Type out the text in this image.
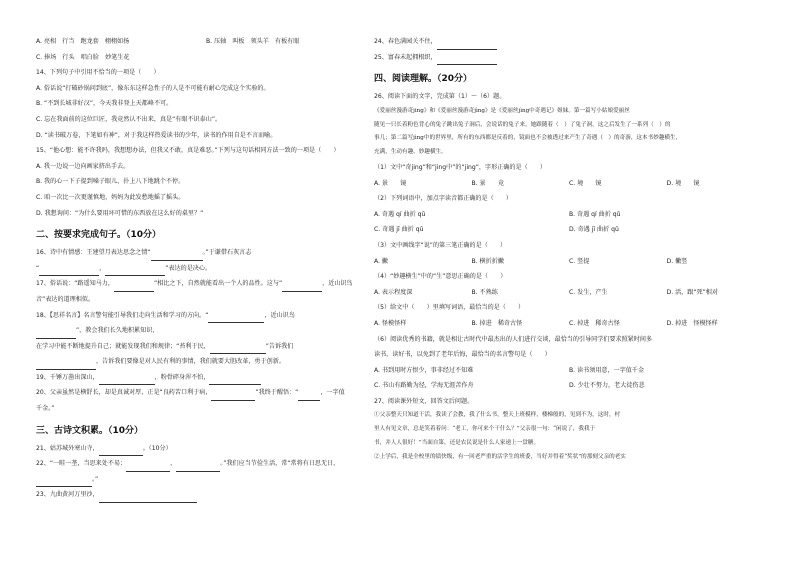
A. 亮相　行当　跑龙套　栩栩如扬	B. 压轴　叫板　领头羊　有板有眼
C. 捧场　行头　唱白脸　妙笔生花
14、下列句子中引用不恰当的一项是（　　）
A. 俗话说“打破砂锅问到底”，像东东这样急性子的人是不可能有耐心完成这个实验的。
B. “不到长城非好汉”，今天我非登上天都峰不可。
C. 忘在我面前的这位巨匠，我竟然认不出来，真是“有眼不识泰山”。
D. “读书破万卷，下笔如有神”，对于我这样热爱读书的少年，读书的作用自是不言而喻。
15、“他心想：能不许我吗，我想想办法，但我又不敢，真是难恶。”下列与这句话相同方法一致的一项是（　　）
A. 我一边说一边向画家挤出手去。
B. 我的心一下子提到嗓子眼儿，扑上八下地跳个不停。
C. 咱一次比一次更谨慎地，妈妈为此发愁地摇了摇头。
D. 我想询问：“为什么要用坏可惜的东西放在这么好的桌里？”
二、按要求完成句子。（10分）
16、诗中有情感：王建望月表达思念之情“	。”于谦借石灰言志
“	，	”表达的是决心。
17、俗话说：“路遥知马力，	”相比之下，自然就能看出一个人的品性。这与“	，近山识鸟
音”表达的道理相似。
18、【思祥名言】名言警句能引导我们走向生活和学习的方向。“	，近山识鸟
”，教会我们长久地积累知识，
在学习中能不断地提升自己；就能发现我们和规律；“苔利于民，	”告诉我们
，告诉我们要像是对人民有利的事情，我们就要大胆改革，勇于创新。
19、千锤万凿出深山，	，粉骨碎身浑不怕，
20、父亲虽然是横舒长，却是真诚对厚，正是“良药苦口利于病，	”我终于醒悟：“	，一字值
千金。”
三、古诗文积累。（10分）
21、姑苏城外寒山寺，	。（10分）
22、“一畦一垄，当思来处不易；	，	。”我们应当节俭生活，常“常将有日思无日，
。”
23、九曲黄河万里沙，
24、春色满园关不住，
25、富春未起拥根织，
四、阅读理解。（20分）
26、阅读下面的文字，完成第（1）～（6）题。
《爱丽丝漫游奇jing》和《爱丽丝漫游奇jìng》是《爱丽丝jìng中奇遇记》姐妹。第一篇写小姑娘爱丽丝
随见一只长着粉色背心的兔子跳出兔子洞后，会说话的兔子来。她跟随着（　）了兔子洞，这之后发生了一系列（　）的
事儿；第二篇写jìng中的世界里，所有的东西都是反着的，镜面也不会被透过来产生了奇遇（　）的奇游，这本书妙趣横生，
充满，生动有趣、妙趣横生。
（1）文中“奇jing”和“jing中”的“jing”，字形正确的是（　　）
A. 景　　镜	B. 景　　竟	C. 境　　镜	D. 境　　镜
（2）下列词语中，加点字读音都正确的是（　　）
A. 奇遇 qí 曲折 qū	B. 奇遇 qí 曲折 qǔ
C. 奇遇 jī 曲折 qū	D. 奇遇 jī 曲折 qǔ
（3）文中画线字“说”的第三笔正确的是（　　）
A. 撇	B. 横折折撇	C. 竖提	D. 撇竖
（4）“妙趣横生”中的“生”意思正确的是（　　）
A. 表示程度深	B. 不熟练	C. 发生，产生	D. 活，跟“死”相对
（5）给文中（　　）里填写词语，最恰当的是（　　）
A. 怪模怪样	B. 掉进　稀奇古怪	C. 掉进　稀奇古怪	D. 掉进　怪模怪样
（6）阅读优秀的书籍，就是相让古时代中最杰出的人们进行交谈，最恰当的引导同学们要求照紧时间多
读书，读好书，以免到了老年后悔，最恰当的名言警句是（　　）
A. 书到用时方恨少，事非经过不知难	B. 读书须用意，一字值千金
C. 书山有路勤为径，学海无涯苦作舟	D. 少壮不努力，老大徒伤悲
27、阅读课外短文，回答文后问题。
①父亲整天只知道干活，我读了会教，我了什么书，整天上班模样，楼梯般的，见到不为，这时，村
里人有见文章，总是笑着着问：“老工，你可来个干什么？”父亲很一句：“闲说了，我我于
书，并人人很好！”当面自第，还是农民说是什么人家递上一盘糖。
②上学后，我是全校里的绩快级，有一回老严重的活学生的班委，当好并得着“奖状”的那刻父亲的老实
